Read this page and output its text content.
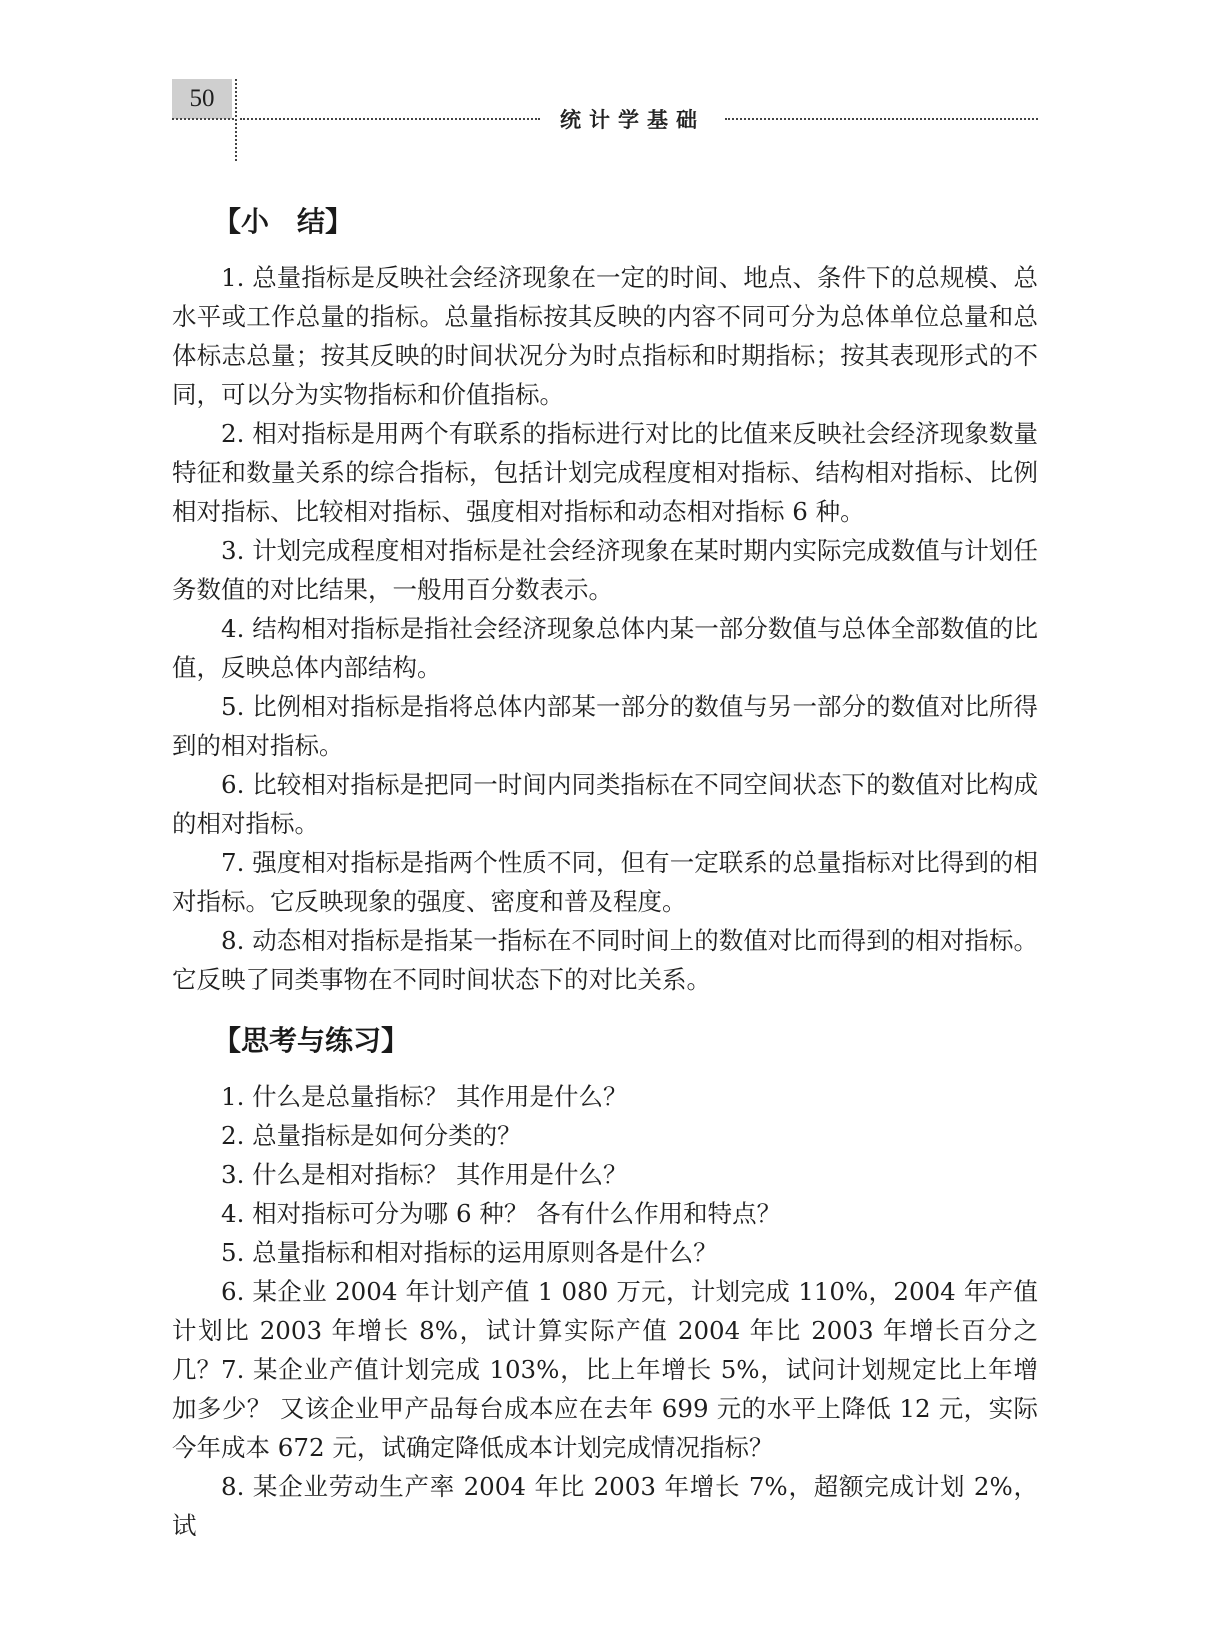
50
统计学基础
【小　结】

1. 总量指标是反映社会经济现象在一定的时间、地点、条件下的总规模、总水平或工作总量的指标。总量指标按其反映的内容不同可分为总体单位总量和总体标志总量；按其反映的时间状况分为时点指标和时期指标；按其表现形式的不同，可以分为实物指标和价值指标。

2. 相对指标是用两个有联系的指标进行对比的比值来反映社会经济现象数量特征和数量关系的综合指标，包括计划完成程度相对指标、结构相对指标、比例相对指标、比较相对指标、强度相对指标和动态相对指标 6 种。

3. 计划完成程度相对指标是社会经济现象在某时期内实际完成数值与计划任务数值的对比结果，一般用百分数表示。

4. 结构相对指标是指社会经济现象总体内某一部分数值与总体全部数值的比值，反映总体内部结构。

5. 比例相对指标是指将总体内部某一部分的数值与另一部分的数值对比所得到的相对指标。

6. 比较相对指标是把同一时间内同类指标在不同空间状态下的数值对比构成的相对指标。

7. 强度相对指标是指两个性质不同，但有一定联系的总量指标对比得到的相对指标。它反映现象的强度、密度和普及程度。

8. 动态相对指标是指某一指标在不同时间上的数值对比而得到的相对指标。它反映了同类事物在不同时间状态下的对比关系。

【思考与练习】

1. 什么是总量指标？ 其作用是什么？

2. 总量指标是如何分类的？

3. 什么是相对指标？ 其作用是什么？

4. 相对指标可分为哪 6 种？ 各有什么作用和特点？

5. 总量指标和相对指标的运用原则各是什么？

6. 某企业 2004 年计划产值 1 080 万元，计划完成 110%，2004 年产值计划比 2003 年增长 8%，试计算实际产值 2004 年比 2003 年增长百分之几？ 7. 某企业产值计划完成 103%，比上年增长 5%，试问计划规定比上年增加多少？ 又该企业甲产品每台成本应在去年 699 元的水平上降低 12 元，实际今年成本 672 元，试确定降低成本计划完成情况指标？

8. 某企业劳动生产率 2004 年比 2003 年增长 7%，超额完成计划 2%，试
